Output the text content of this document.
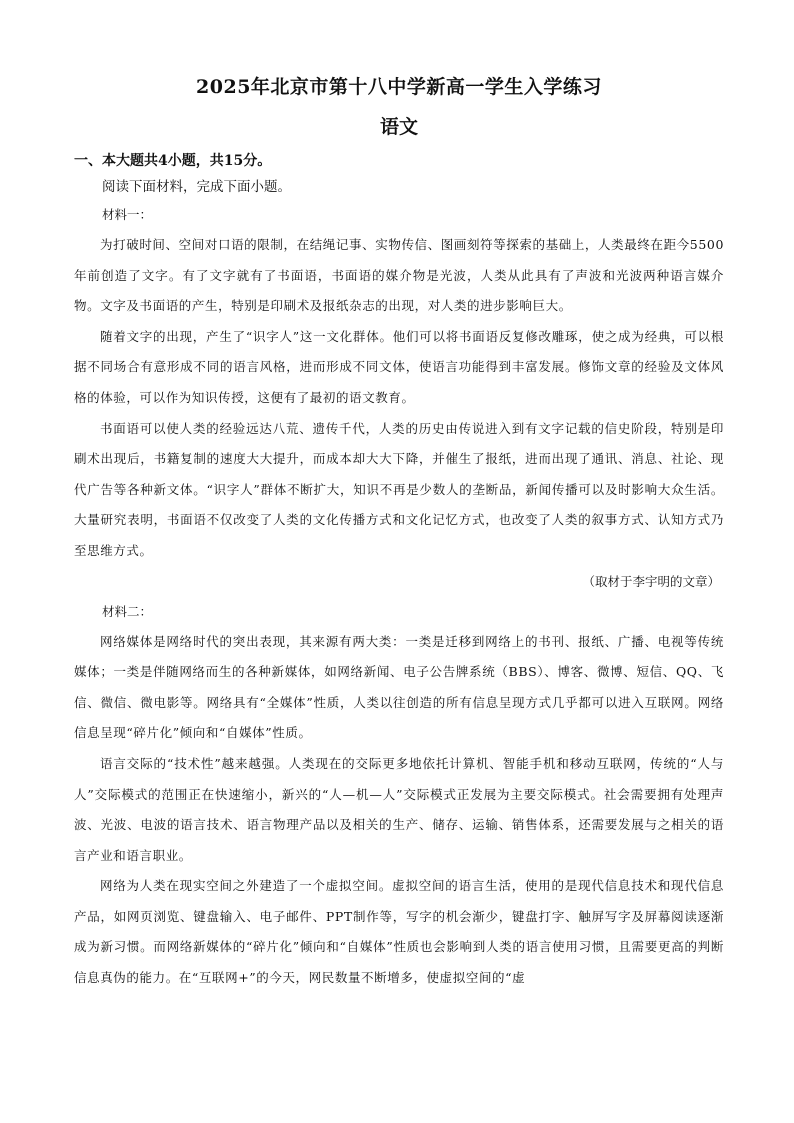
2025年北京市第十八中学新高一学生入学练习
语文

一、本大题共4小题，共15分。

阅读下面材料，完成下面小题。

材料一：

为打破时间、空间对口语的限制，在结绳记事、实物传信、图画刻符等探索的基础上，人类最终在距今5500年前创造了文字。有了文字就有了书面语，书面语的媒介物是光波，人类从此具有了声波和光波两种语言媒介物。文字及书面语的产生，特别是印刷术及报纸杂志的出现，对人类的进步影响巨大。

随着文字的出现，产生了“识字人”这一文化群体。他们可以将书面语反复修改雕琢，使之成为经典，可以根据不同场合有意形成不同的语言风格，进而形成不同文体，使语言功能得到丰富发展。修饰文章的经验及文体风格的体验，可以作为知识传授，这便有了最初的语文教育。

书面语可以使人类的经验远达八荒、遗传千代，人类的历史由传说进入到有文字记载的信史阶段，特别是印刷术出现后，书籍复制的速度大大提升，而成本却大大下降，并催生了报纸，进而出现了通讯、消息、社论、现代广告等各种新文体。“识字人”群体不断扩大，知识不再是少数人的垄断品，新闻传播可以及时影响大众生活。大量研究表明，书面语不仅改变了人类的文化传播方式和文化记忆方式，也改变了人类的叙事方式、认知方式乃至思维方式。

（取材于李宇明的文章）

材料二：

网络媒体是网络时代的突出表现，其来源有两大类：一类是迁移到网络上的书刊、报纸、广播、电视等传统媒体；一类是伴随网络而生的各种新媒体，如网络新闻、电子公告牌系统（BBS）、博客、微博、短信、QQ、飞信、微信、微电影等。网络具有“全媒体”性质，人类以往创造的所有信息呈现方式几乎都可以进入互联网。网络信息呈现“碎片化”倾向和“自媒体”性质。

语言交际的“技术性”越来越强。人类现在的交际更多地依托计算机、智能手机和移动互联网，传统的“人与人”交际模式的范围正在快速缩小，新兴的“人—机—人”交际模式正发展为主要交际模式。社会需要拥有处理声波、光波、电波的语言技术、语言物理产品以及相关的生产、储存、运输、销售体系，还需要发展与之相关的语言产业和语言职业。

网络为人类在现实空间之外建造了一个虚拟空间。虚拟空间的语言生活，使用的是现代信息技术和现代信息产品，如网页浏览、键盘输入、电子邮件、PPT制作等，写字的机会渐少，键盘打字、触屏写字及屏幕阅读逐渐成为新习惯。而网络新媒体的“碎片化”倾向和“自媒体”性质也会影响到人类的语言使用习惯，且需要更高的判断信息真伪的能力。在“互联网+”的今天，网民数量不断增多，使虚拟空间的“虚
